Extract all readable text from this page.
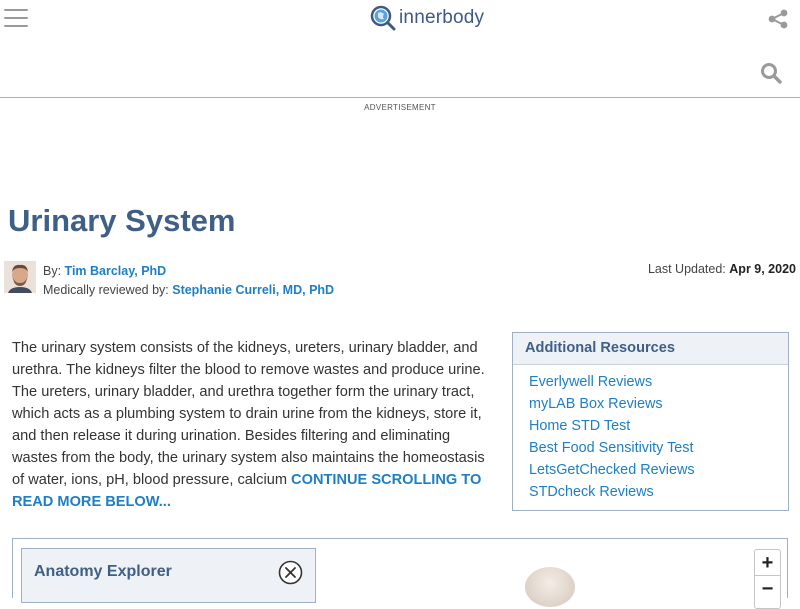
innerbody
ADVERTISEMENT
Urinary System
By: Tim Barclay, PhD
Medically reviewed by: Stephanie Curreli, MD, PhD
Last Updated: Apr 9, 2020

The urinary system consists of the kidneys, ureters, urinary bladder, and urethra. The kidneys filter the blood to remove wastes and produce urine. The ureters, urinary bladder, and urethra together form the urinary tract, which acts as a plumbing system to drain urine from the kidneys, store it, and then release it during urination. Besides filtering and eliminating wastes from the body, the urinary system also maintains the homeostasis of water, ions, pH, blood pressure, calcium CONTINUE SCROLLING TO READ MORE BELOW...

Additional Resources
Everlywell Reviews
myLAB Box Reviews
Home STD Test
Best Food Sensitivity Test
LetsGetChecked Reviews
STDcheck Reviews
Anatomy Explorer	+
−
